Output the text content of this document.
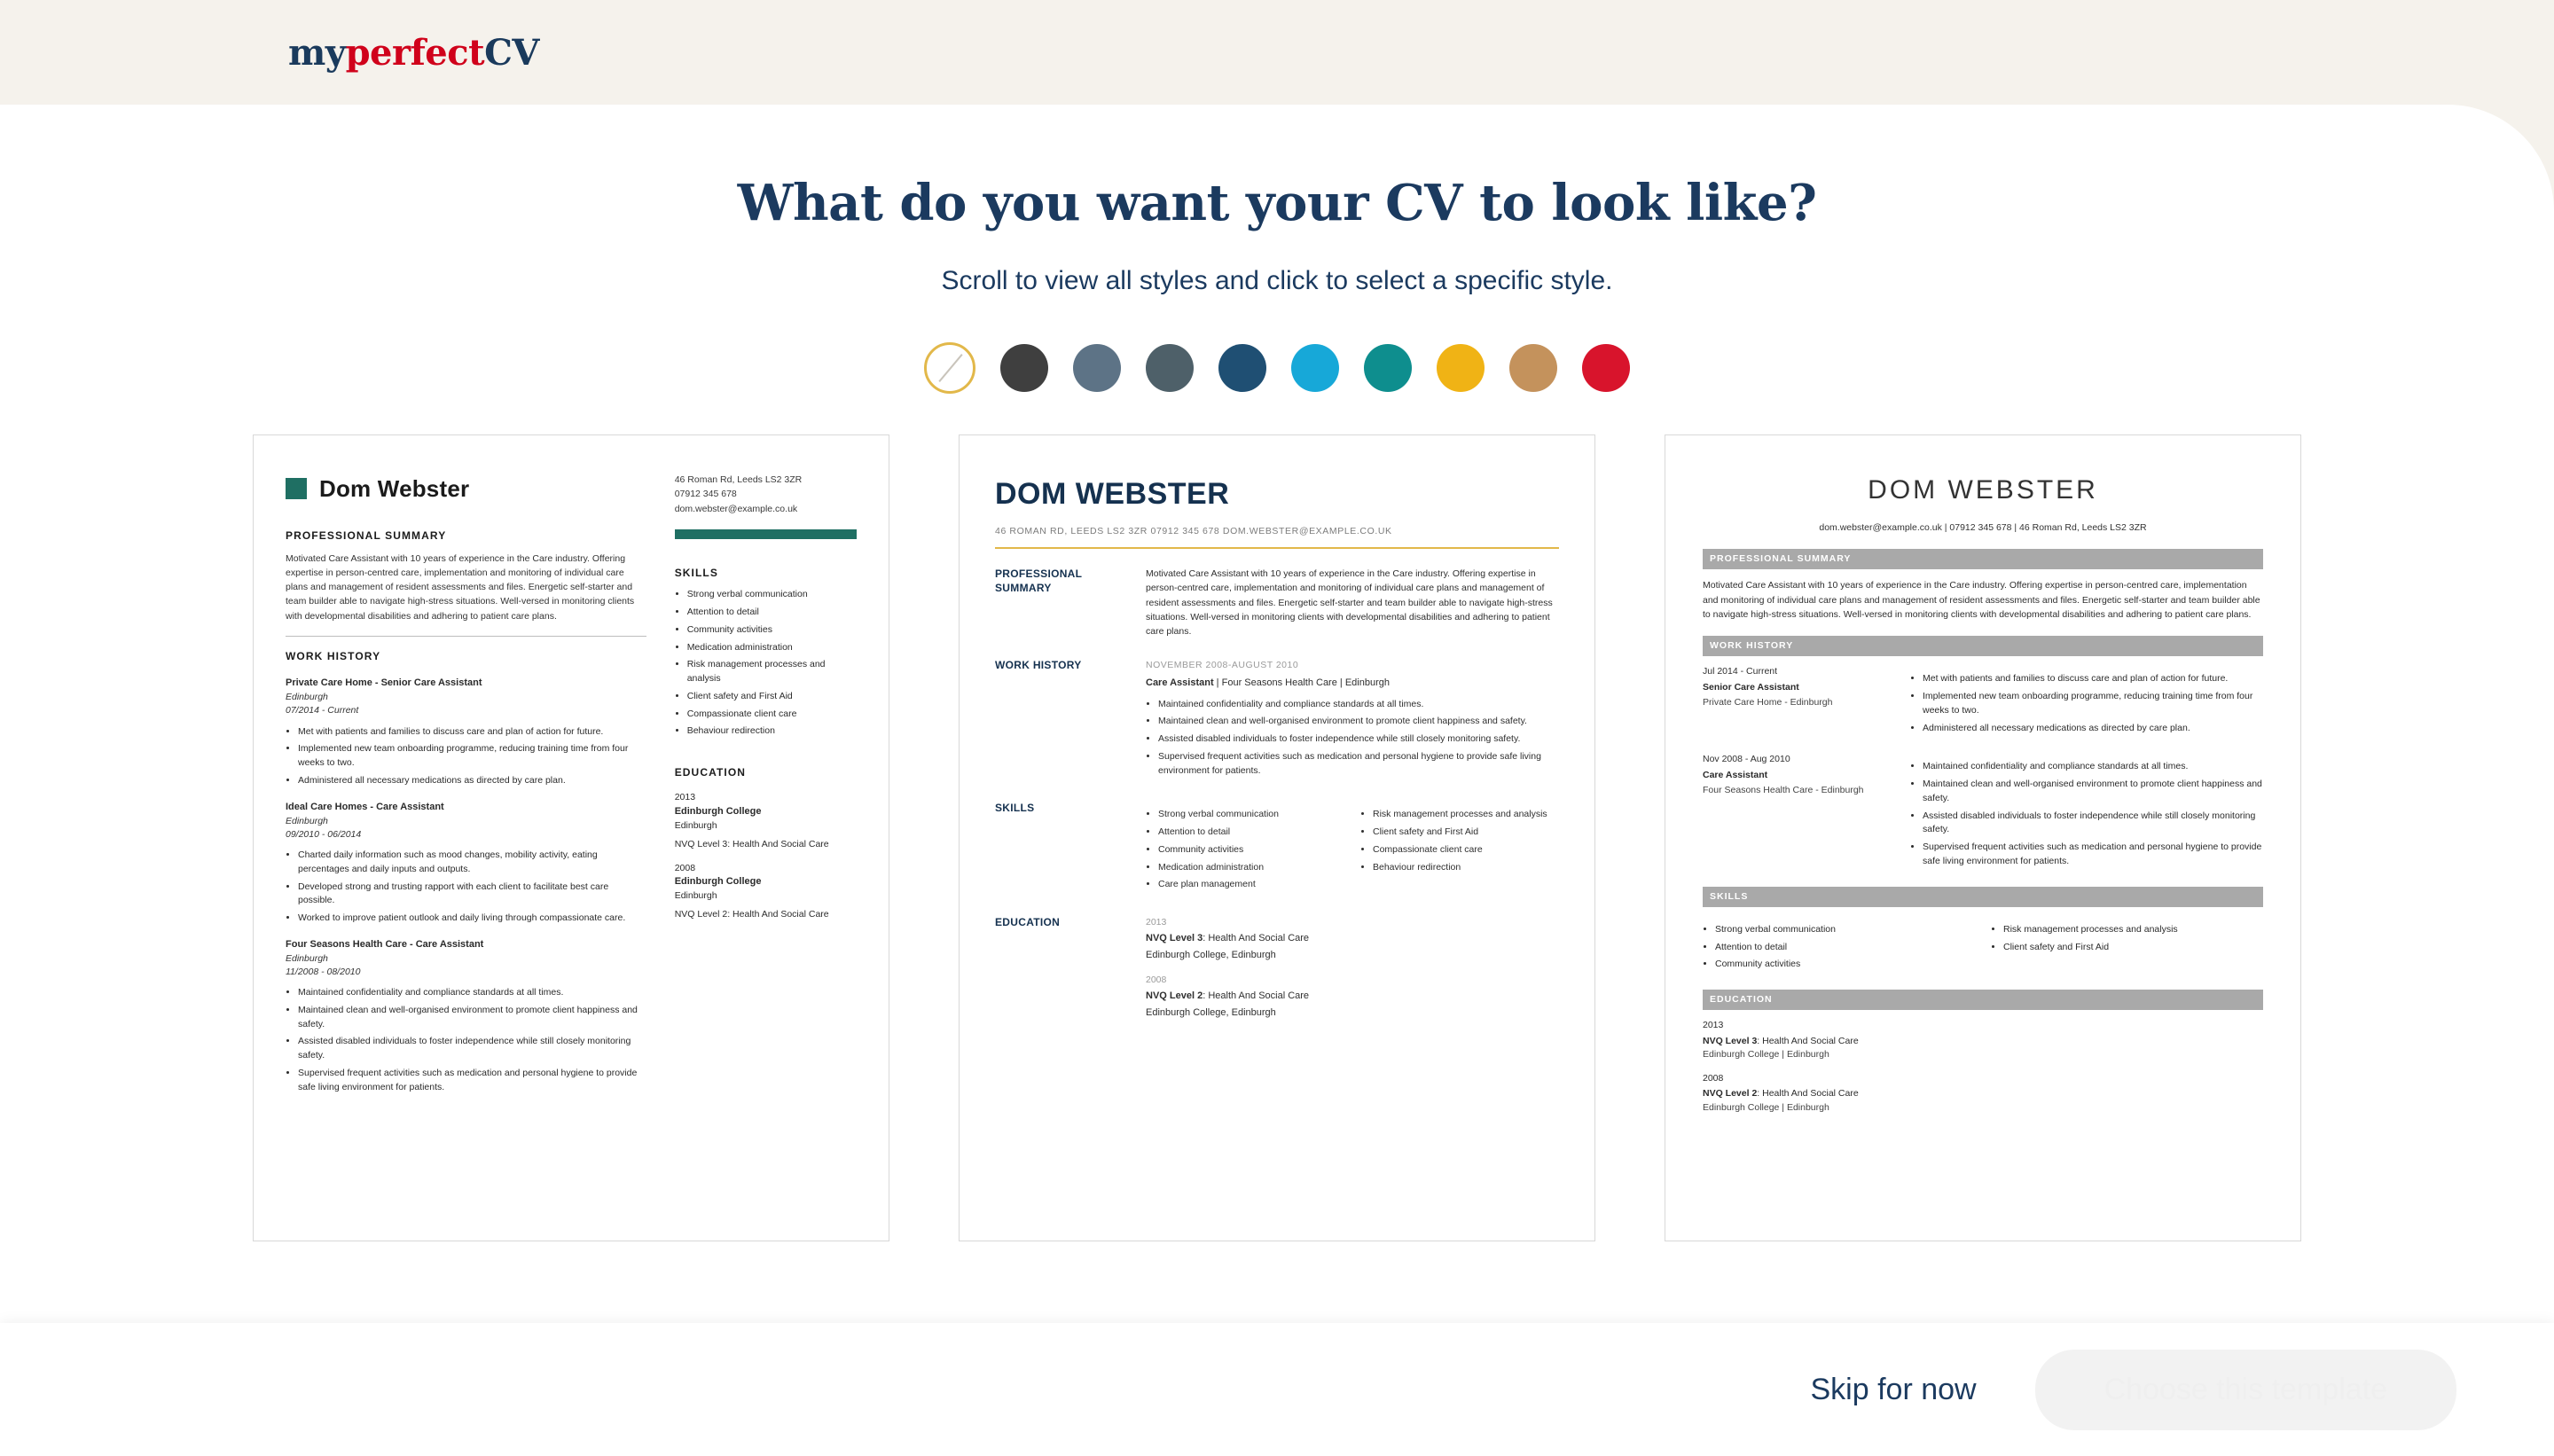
myperfectCV
What do you want your CV to look like?
Scroll to view all styles and click to select a specific style.
Dom Webster
PROFESSIONAL SUMMARY
Motivated Care Assistant with 10 years of experience in the Care industry. Offering expertise in person-centred care, implementation and monitoring of individual care plans and management of resident assessments and files. Energetic self-starter and team builder able to navigate high-stress situations. Well-versed in monitoring clients with developmental disabilities and adhering to patient care plans.
WORK HISTORY
Private Care Home - Senior Care Assistant
Edinburgh
07/2014 - Current
• Met with patients and families to discuss care and plan of action for future.
• Implemented new team onboarding programme, reducing training time from four weeks to two.
• Administered all necessary medications as directed by care plan.
Ideal Care Homes - Care Assistant
Edinburgh
09/2010 - 06/2014
• Charted daily information such as mood changes, mobility activity, eating percentages and daily inputs and outputs.
• Developed strong and trusting rapport with each client to facilitate best care possible.
• Worked to improve patient outlook and daily living through compassionate care.
Four Seasons Health Care - Care Assistant
Edinburgh
11/2008 - 08/2010
• Maintained confidentiality and compliance standards at all times.
• Maintained clean and well-organised environment to promote client happiness and safety.
• Assisted disabled individuals to foster independence while still closely monitoring safety.
• Supervised frequent activities such as medication and personal hygiene to provide safe living environment for patients.
46 Roman Rd, Leeds LS2 3ZR
07912 345 678
dom.webster@example.co.uk
SKILLS
• Strong verbal communication
• Attention to detail
• Community activities
• Medication administration
• Risk management processes and analysis
• Client safety and First Aid
• Compassionate client care
• Behaviour redirection
EDUCATION
2013
Edinburgh College
Edinburgh
NVQ Level 3: Health And Social Care
2008
Edinburgh College
Edinburgh
NVQ Level 2: Health And Social Care
DOM WEBSTER
46 ROMAN RD, LEEDS LS2 3ZR 07912 345 678 DOM.WEBSTER@EXAMPLE.CO.UK
PROFESSIONAL
SUMMARY
Motivated Care Assistant with 10 years of experience in the Care industry. Offering expertise in person-centred care, implementation and monitoring of individual care plans and management of resident assessments and files. Energetic self-starter and team builder able to navigate high-stress situations. Well-versed in monitoring clients with developmental disabilities and adhering to patient care plans.
WORK HISTORY	NOVEMBER 2008-AUGUST 2010
Care Assistant | Four Seasons Health Care | Edinburgh
• Maintained confidentiality and compliance standards at all times.
• Maintained clean and well-organised environment to promote client happiness and safety.
• Assisted disabled individuals to foster independence while still closely monitoring safety.
• Supervised frequent activities such as medication and personal hygiene to provide safe living environment for patients.
SKILLS	• Strong verbal communication
• Attention to detail
• Community activities
• Medication administration
• Care plan management
• Risk management processes and analysis
• Client safety and First Aid
• Compassionate client care
• Behaviour redirection
EDUCATION	2013
NVQ Level 3: Health And Social Care
Edinburgh College, Edinburgh
2008
NVQ Level 2: Health And Social Care
Edinburgh College, Edinburgh
DOM WEBSTER
dom.webster@example.co.uk | 07912 345 678 | 46 Roman Rd, Leeds LS2 3ZR
PROFESSIONAL SUMMARY
Motivated Care Assistant with 10 years of experience in the Care industry. Offering expertise in person-centred care, implementation and monitoring of individual care plans and management of resident assessments and files. Energetic self-starter and team builder able to navigate high-stress situations. Well-versed in monitoring clients with developmental disabilities and adhering to patient care plans.
WORK HISTORY
Jul 2014 - Current
Senior Care Assistant
Private Care Home - Edinburgh
• Met with patients and families to discuss care and plan of action for future.
• Implemented new team onboarding programme, reducing training time from four weeks to two.
• Administered all necessary medications as directed by care plan.
Nov 2008 - Aug 2010
Care Assistant
Four Seasons Health Care - Edinburgh
• Maintained confidentiality and compliance standards at all times.
• Maintained clean and well-organised environment to promote client happiness and safety.
• Assisted disabled individuals to foster independence while still closely monitoring safety.
• Supervised frequent activities such as medication and personal hygiene to provide safe living environment for patients.
SKILLS
• Strong verbal communication
• Attention to detail
• Community activities
• Risk management processes and analysis
• Client safety and First Aid
EDUCATION
2013
NVQ Level 3: Health And Social Care
Edinburgh College | Edinburgh
2008
NVQ Level 2: Health And Social Care
Edinburgh College | Edinburgh
Skip for now	Choose this template
